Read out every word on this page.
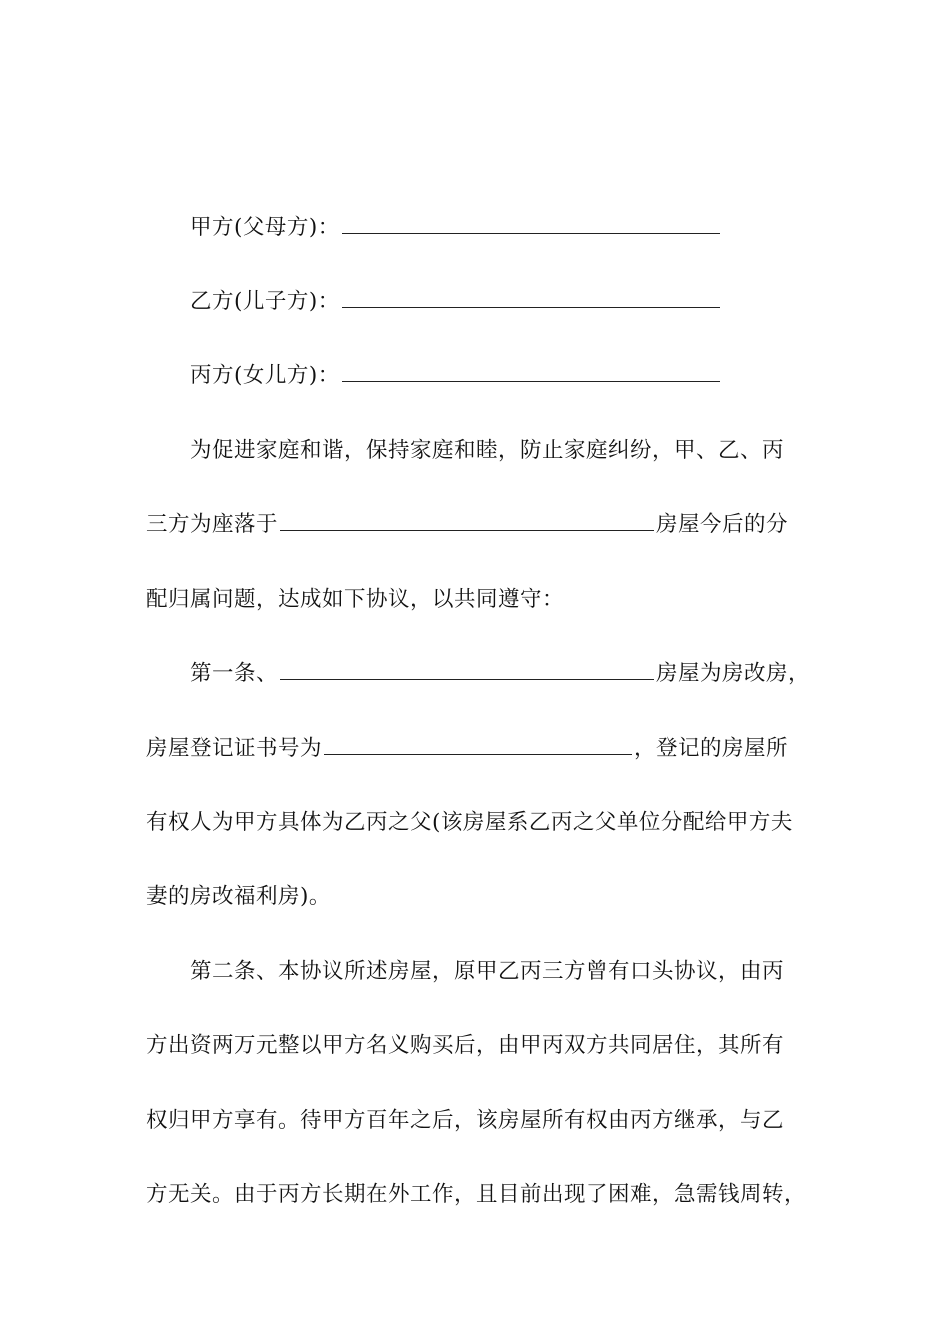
甲方(父母方)：
乙方(儿子方)：
丙方(女儿方)：
为促进家庭和谐，保持家庭和睦，防止家庭纠纷，甲、乙、丙
三方为座落于	房屋今后的分
配归属问题，达成如下协议，以共同遵守：
第一条、	房屋为房改房，
房屋登记证书号为	，登记的房屋所
有权人为甲方具体为乙丙之父(该房屋系乙丙之父单位分配给甲方夫
妻的房改福利房)。
第二条、本协议所述房屋，原甲乙丙三方曾有口头协议，由丙
方出资两万元整以甲方名义购买后，由甲丙双方共同居住，其所有
权归甲方享有。待甲方百年之后，该房屋所有权由丙方继承，与乙
方无关。由于丙方长期在外工作，且目前出现了困难，急需钱周转，
